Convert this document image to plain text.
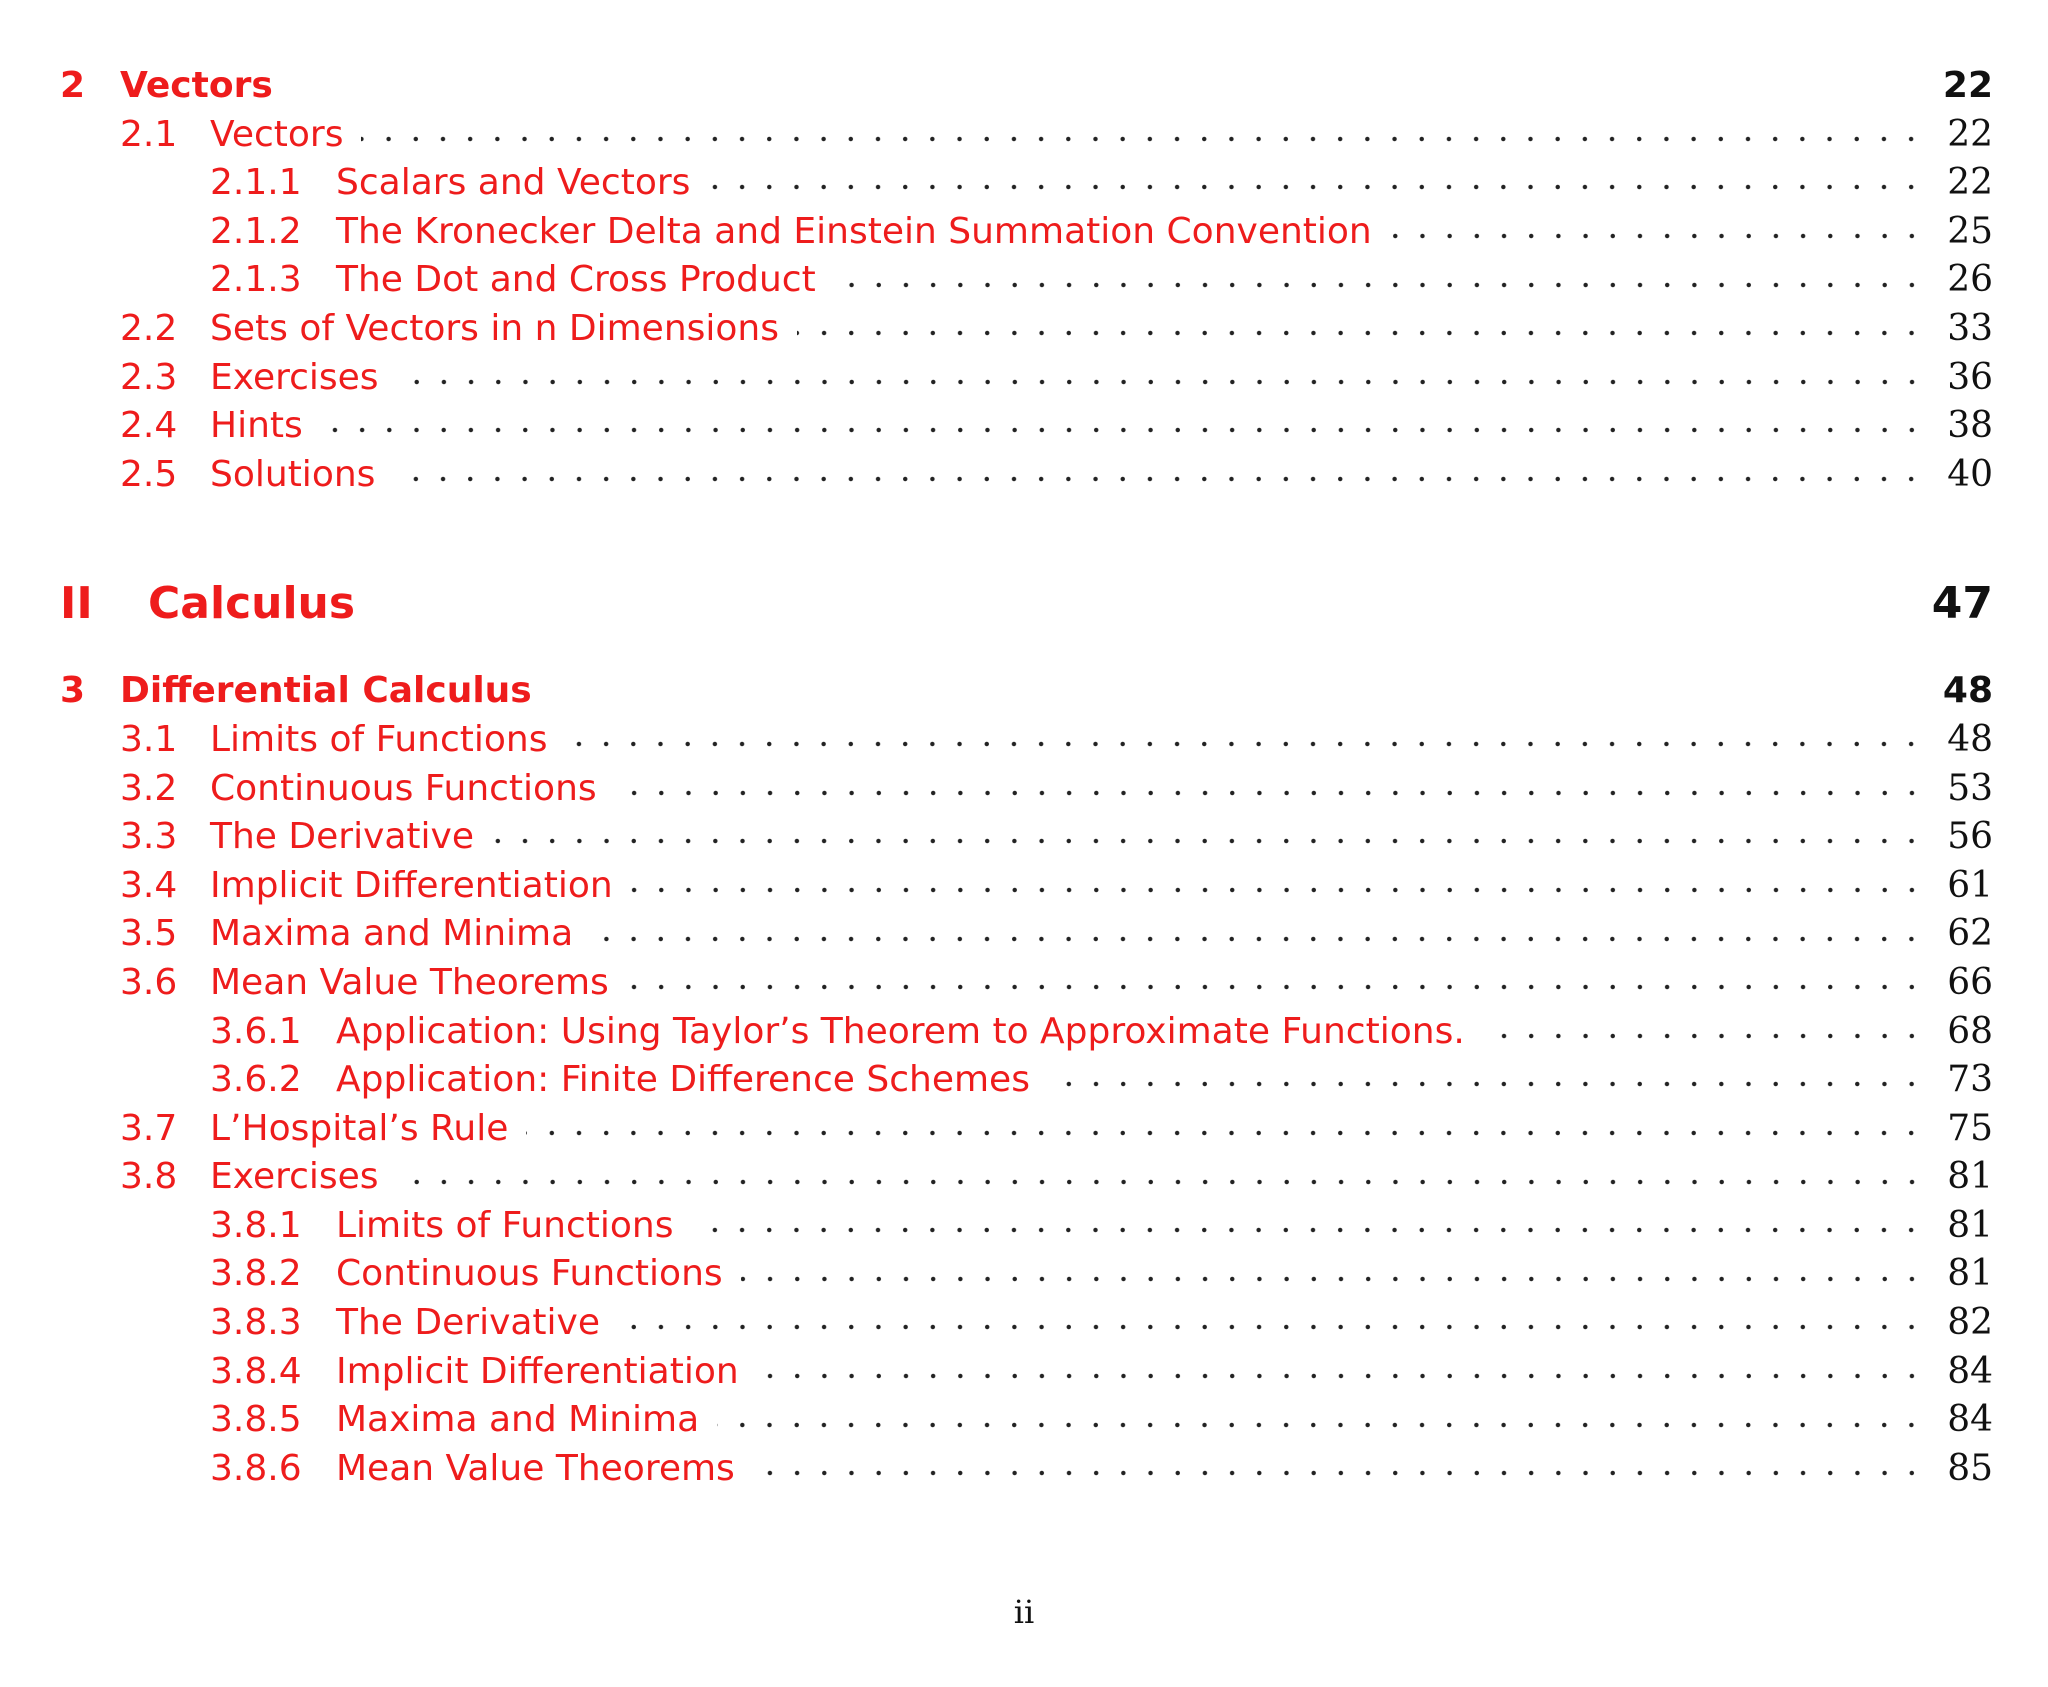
2 Vectors	22
2.1 Vectors	22
2.1.1 Scalars and Vectors	22
2.1.2 The Kronecker Delta and Einstein Summation Convention	25
2.1.3 The Dot and Cross Product	26
2.2 Sets of Vectors in n Dimensions	33
2.3 Exercises	36
2.4 Hints	38
2.5 Solutions	40
II	Calculus	47
3 Differential Calculus	48
3.1 Limits of Functions	48
3.2 Continuous Functions	53
3.3 The Derivative	56
3.4 Implicit Differentiation	61
3.5 Maxima and Minima	62
3.6 Mean Value Theorems	66
3.6.1 Application: Using Taylor’s Theorem to Approximate Functions.	68
3.6.2 Application: Finite Difference Schemes	73
3.7 L’Hospital’s Rule	75
3.8 Exercises	81
3.8.1 Limits of Functions	81
3.8.2 Continuous Functions	81
3.8.3 The Derivative	82
3.8.4 Implicit Differentiation	84
3.8.5 Maxima and Minima	84
3.8.6 Mean Value Theorems	85
ii
